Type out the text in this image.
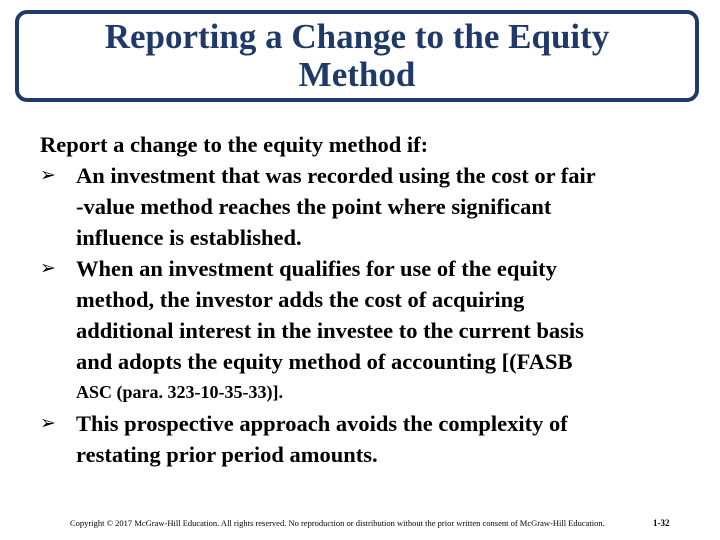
Reporting a Change to the Equity
Method
Report a change to the equity method if:
➢ An investment that was recorded using the cost or fair
-value method reaches the point where significant
influence is established.
➢ When an investment qualifies for use of the equity
method, the investor adds the cost of acquiring
additional interest in the investee to the current basis
and adopts the equity method of accounting [(FASB
ASC (para. 323-10-35-33)].
➢ This prospective approach avoids the complexity of
restating prior period amounts.
Copyright © 2017 McGraw-Hill Education. All rights reserved. No reproduction or distribution without the prior written consent of McGraw-Hill Education.	1-32
